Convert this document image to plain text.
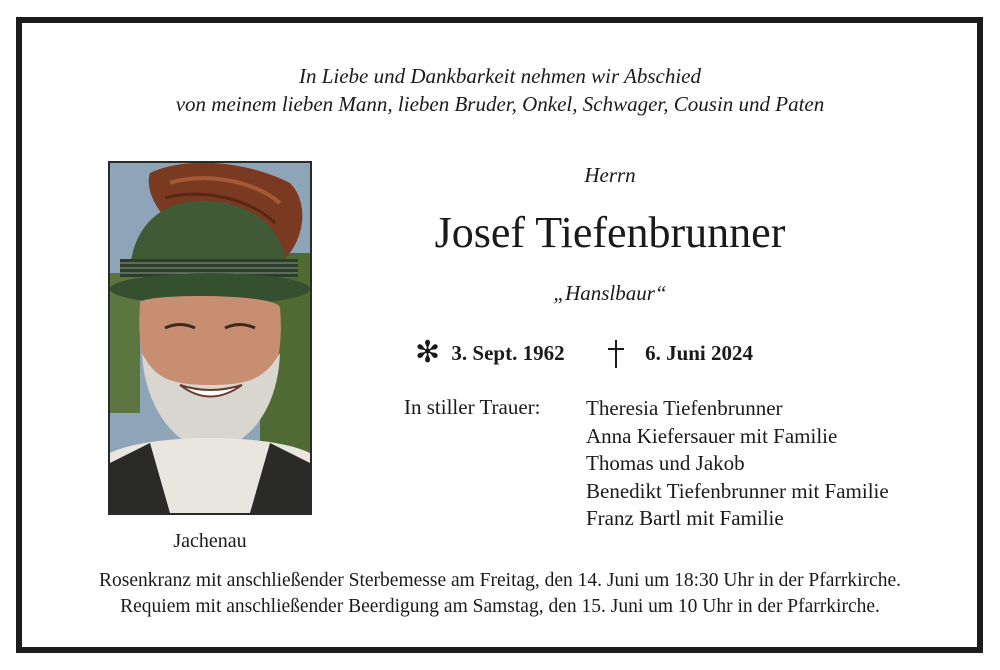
In Liebe und Dankbarkeit nehmen wir Abschied
von meinem lieben Mann, lieben Bruder, Onkel, Schwager, Cousin und Paten
Jachenau
Herrn
Josef Tiefenbrunner
„Hanslbaur“
✻ 3. Sept. 1962	6. Juni 2024
In stiller Trauer: Theresia Tiefenbrunner
Anna Kiefersauer mit Familie
Thomas und Jakob
Benedikt Tiefenbrunner mit Familie
Franz Bartl mit Familie
Rosenkranz mit anschließender Sterbemesse am Freitag, den 14. Juni um 18:30 Uhr in der Pfarrkirche.
Requiem mit anschließender Beerdigung am Samstag, den 15. Juni um 10 Uhr in der Pfarrkirche.
